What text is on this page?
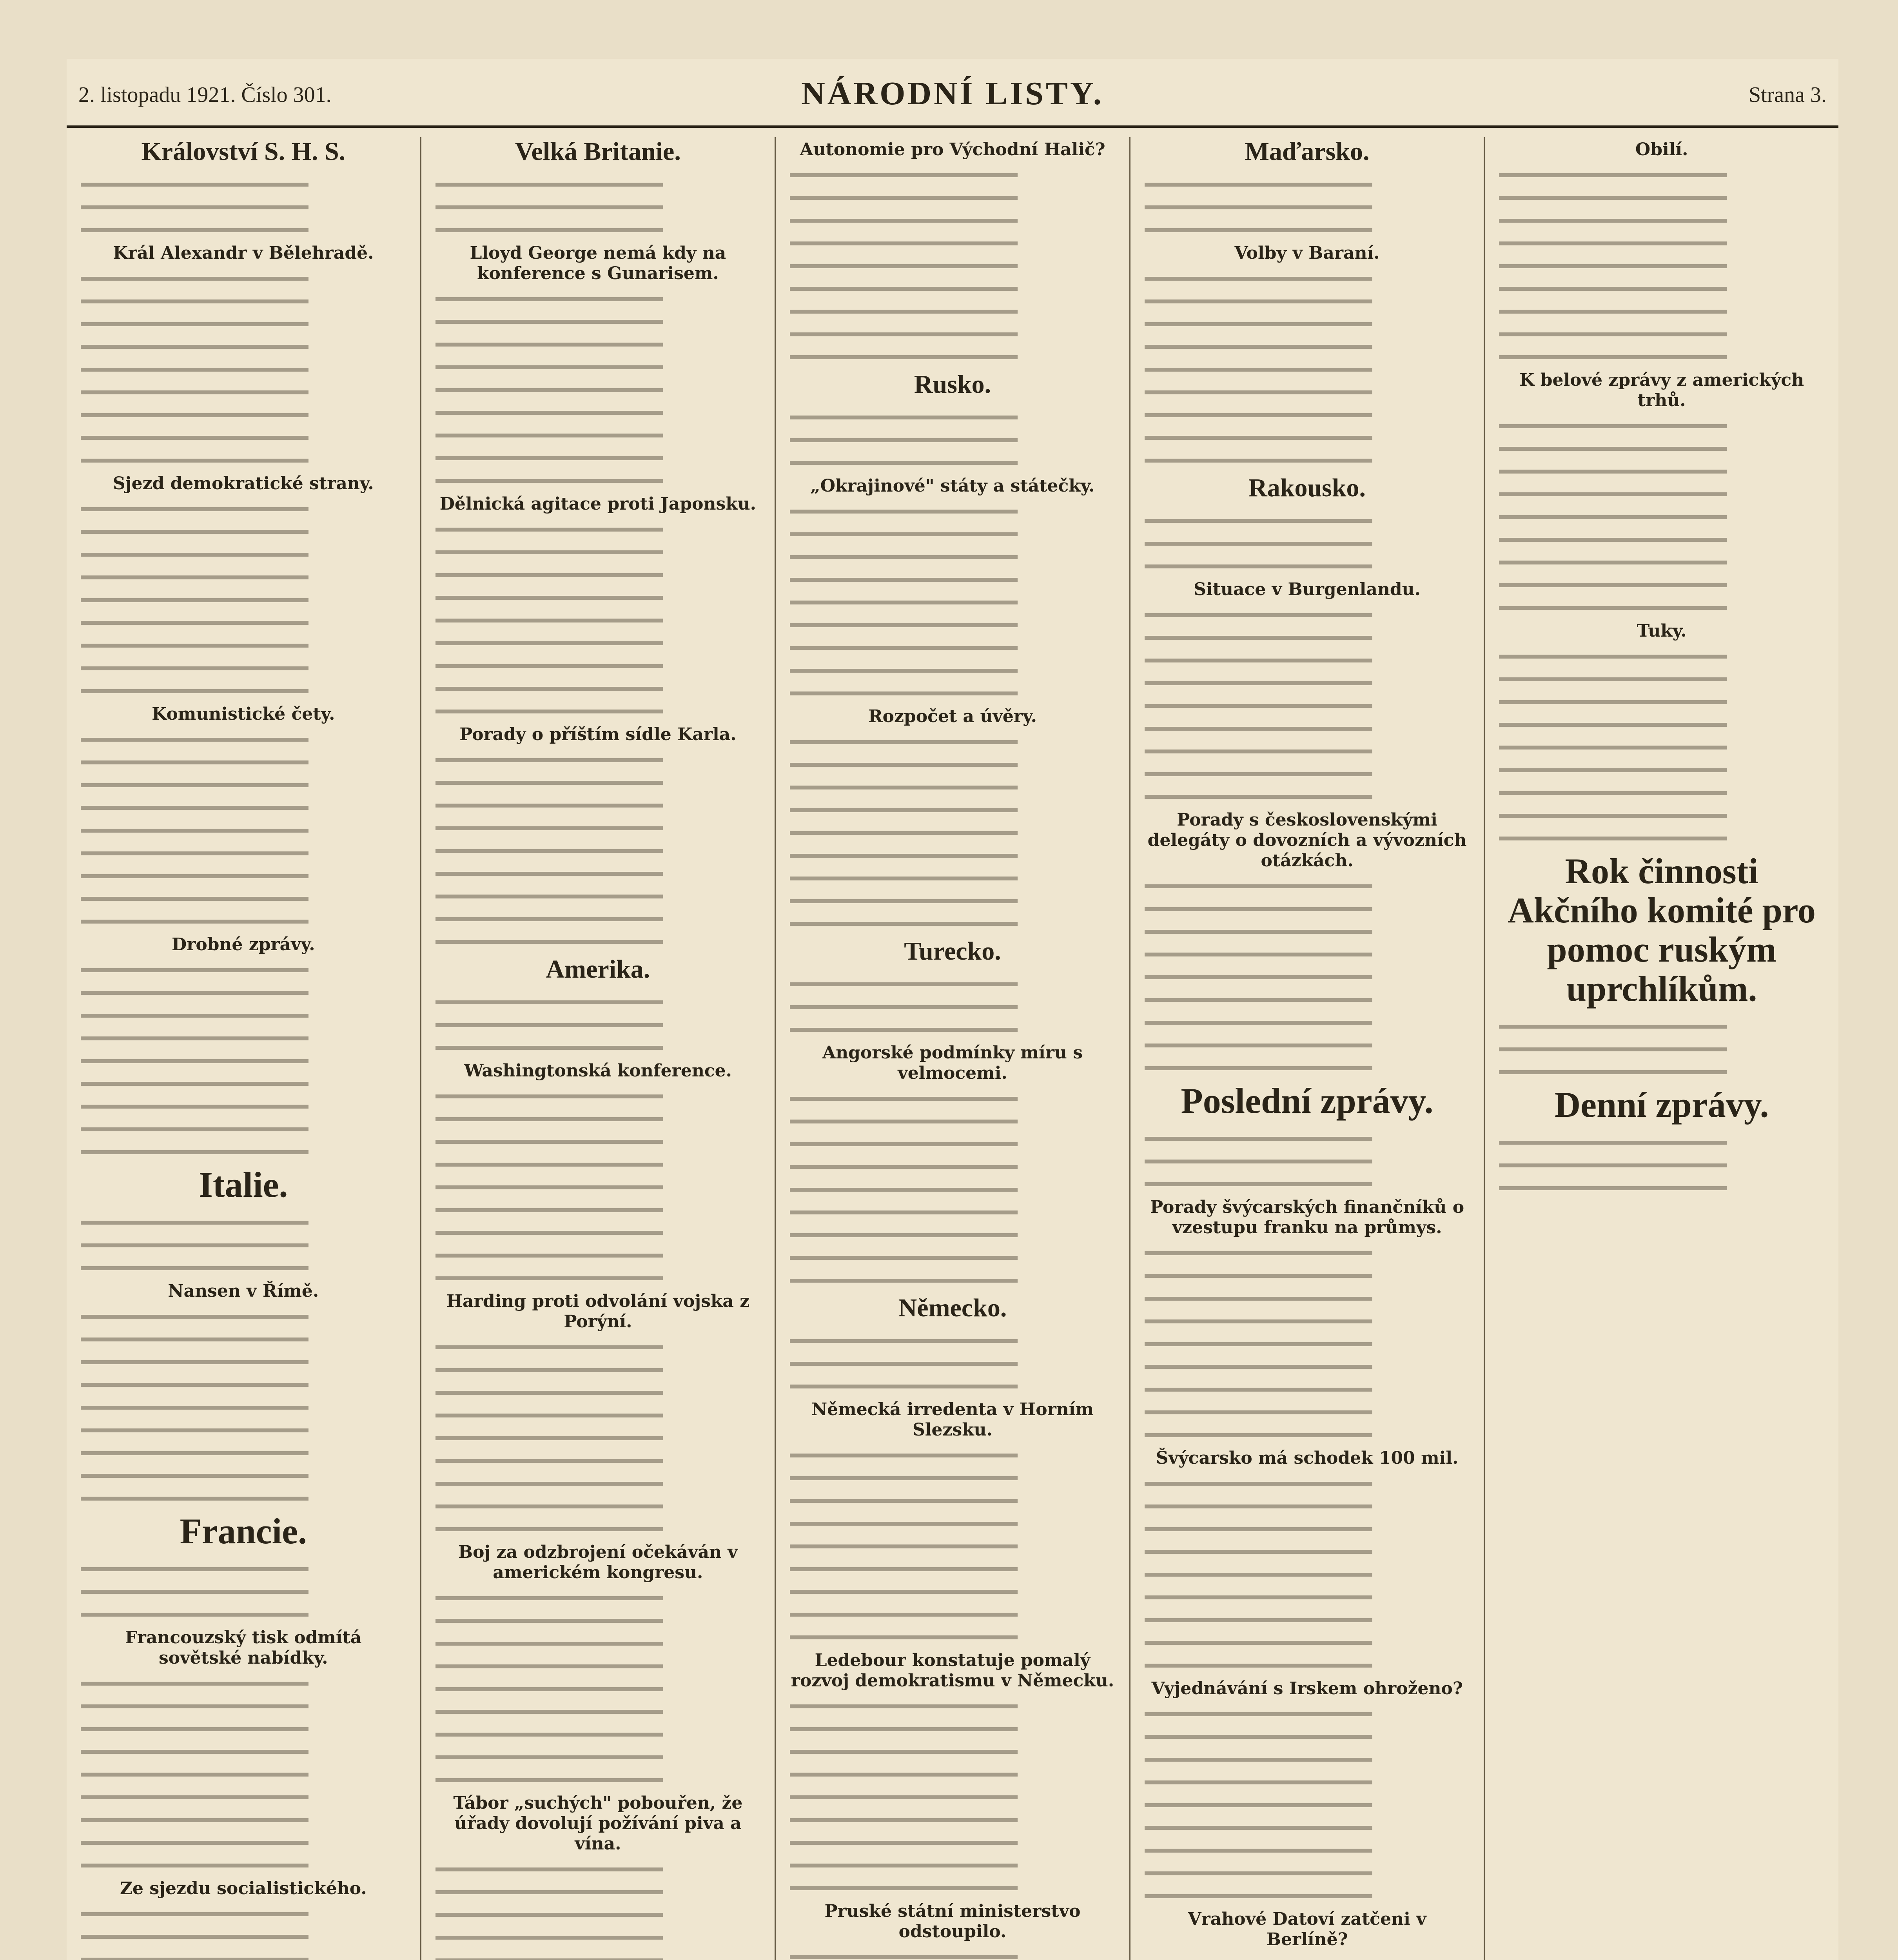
2. listopadu 1921. Číslo 301.	NÁRODNÍ LISTY.	Strana 3.
Království S. H. S.
Král Alexandr v Bělehradě.
Sjezd demokratické strany.
Komunistické čety.
Drobné zprávy.
Italie.
Nansen v Římě.
Francie.
Francouzský tisk odmítá sovětské nabídky.
Ze sjezdu socialistického.
Velká Britanie.
Lloyd George nemá kdy na konference s Gunarisem.
Dělnická agitace proti Japonsku.
Porady o příštím sídle Karla.
Amerika.
Washingtonská konference.
Harding proti odvolání vojska z Porýní.
Boj za odzbrojení očekáván v americkém kongresu.
Tábor „suchých" pobouřen, že úřady dovolují požívání piva a vína.
Autonomie pro Východní Halič?
Rusko.
„Okrajinové" státy a státečky.
Rozpočet a úvěry.
Turecko.
Angorské podmínky míru s velmocemi.
Německo.
Německá irredenta v Horním Slezsku.
Ledebour konstatuje pomalý rozvoj demokratismu v Německu.
Pruské státní ministerstvo odstoupilo.
Maďarsko.
Volby v Baraní.
Rakousko.
Situace v Burgenlandu.
Porady s československými delegáty o dovozních a vývozních otázkách.
Poslední zprávy.
Porady švýcarských finančníků o vzestupu franku na průmys.
Švýcarsko má schodek 100 mil.
Vyjednávání s Irskem ohroženo?
Vrahové Datoví zatčeni v Berlíně?
Obilí.
K belové zprávy z amerických trhů.
Tuky.
Rok činnosti Akčního komité pro pomoc ruským uprchlíkům.
Denní zprávy.
